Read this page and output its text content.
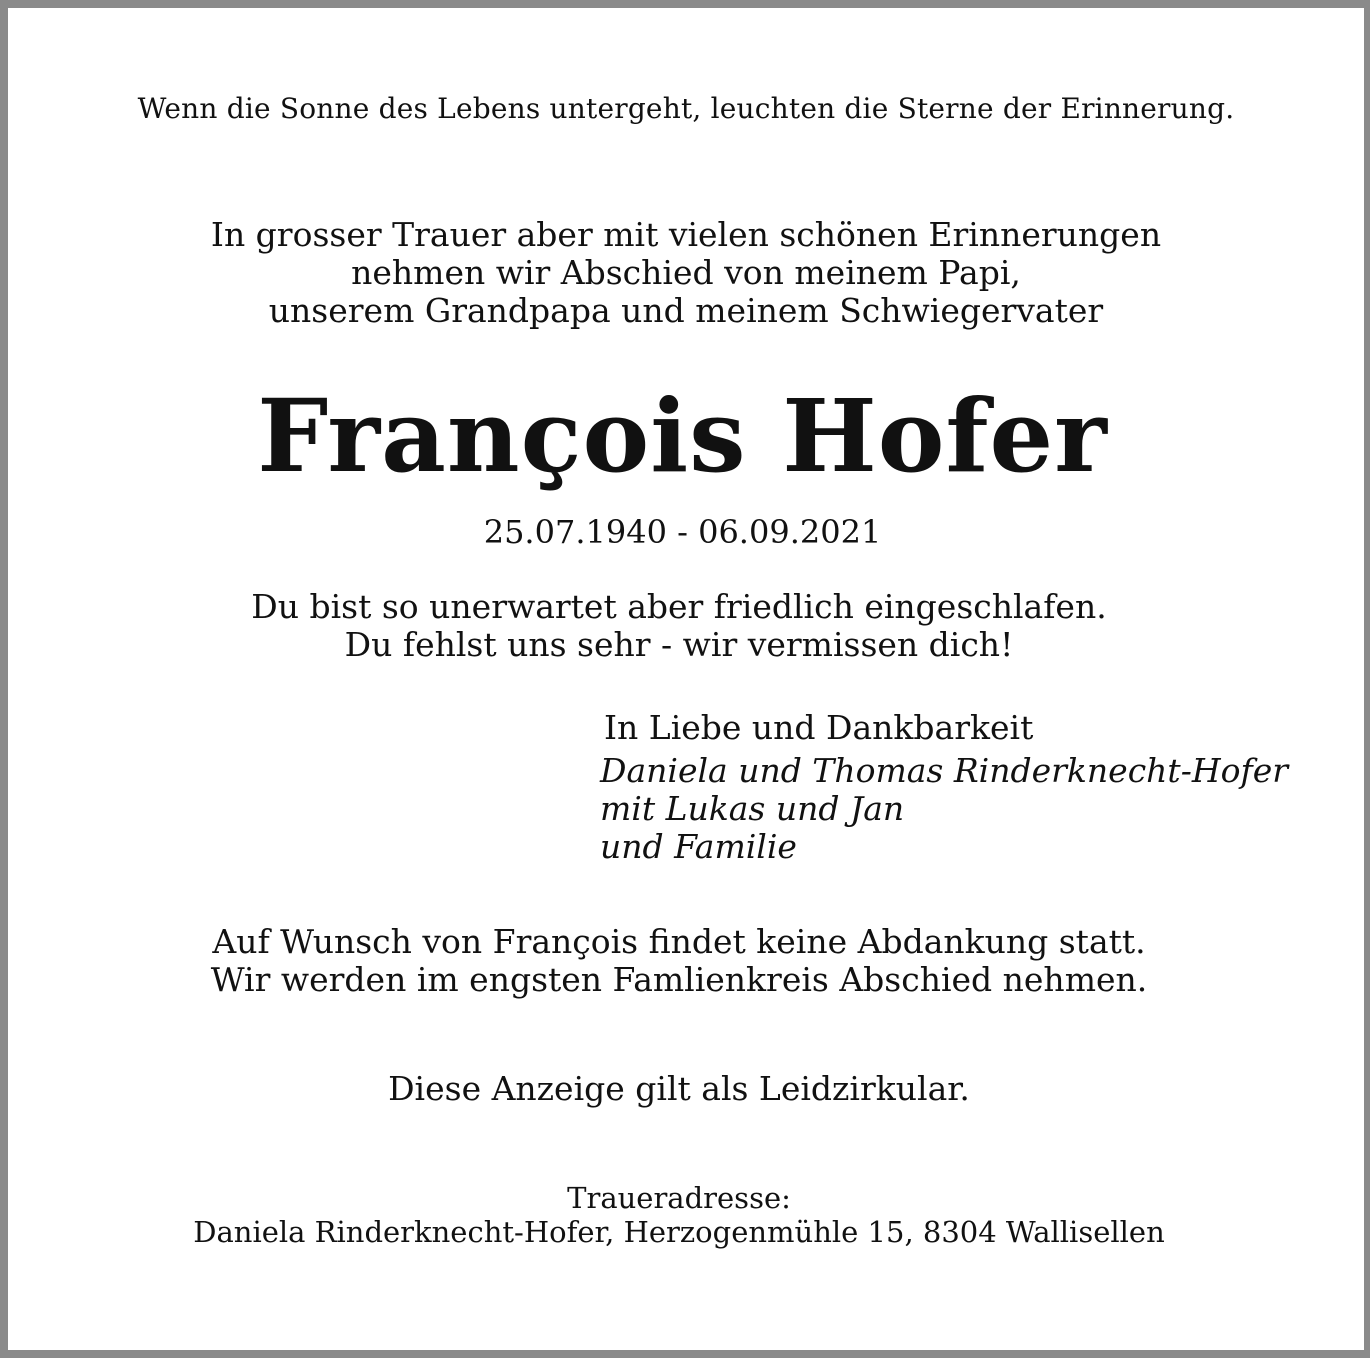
Wenn die Sonne des Lebens untergeht, leuchten die Sterne der Erinnerung.
In grosser Trauer aber mit vielen schönen Erinnerungen
nehmen wir Abschied von meinem Papi,
unserem Grandpapa und meinem Schwiegervater
François Hofer
25.07.1940 - 06.09.2021
Du bist so unerwartet aber friedlich eingeschlafen.
Du fehlst uns sehr - wir vermissen dich!
In Liebe und Dankbarkeit
Daniela und Thomas Rinderknecht-Hofer
mit Lukas und Jan
und Familie
Auf Wunsch von François findet keine Abdankung statt.
Wir werden im engsten Famlienkreis Abschied nehmen.
Diese Anzeige gilt als Leidzirkular.
Traueradresse:
Daniela Rinderknecht-Hofer, Herzogenmühle 15, 8304 Wallisellen
